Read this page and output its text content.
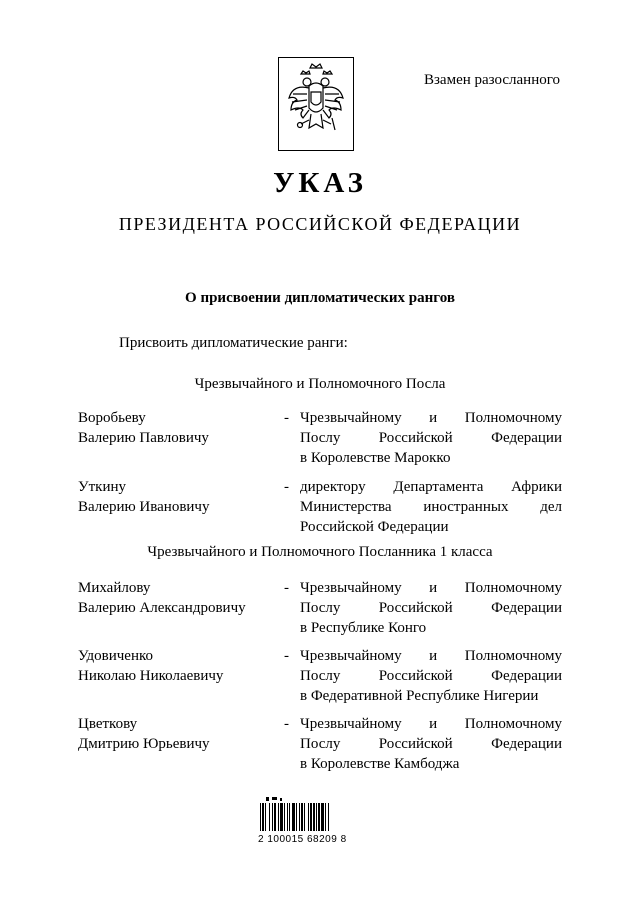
Взамен разосланного
УКАЗ
ПРЕЗИДЕНТА РОССИЙСКОЙ ФЕДЕРАЦИИ
О присвоении дипломатических рангов
Присвоить дипломатические ранги:
Чрезвычайного и Полномочного Посла
Воробьеву
Валерию Павловичу
- Чрезвычайному и Полномочному
Послу Российской Федерации
в Королевстве Марокко
Уткину
Валерию Ивановичу
- директору Департамента Африки
Министерства иностранных дел
Российской Федерации
Чрезвычайного и Полномочного Посланника 1 класса
Михайлову
Валерию Александровичу
- Чрезвычайному и Полномочному
Послу Российской Федерации
в Республике Конго
Удовиченко
Николаю Николаевичу
- Чрезвычайному и Полномочному
Послу Российской Федерации
в Федеративной Республике Нигерии
Цветкову
Дмитрию Юрьевичу
- Чрезвычайному и Полномочному
Послу Российской Федерации
в Королевстве Камбоджа
2 100015 68209 8
